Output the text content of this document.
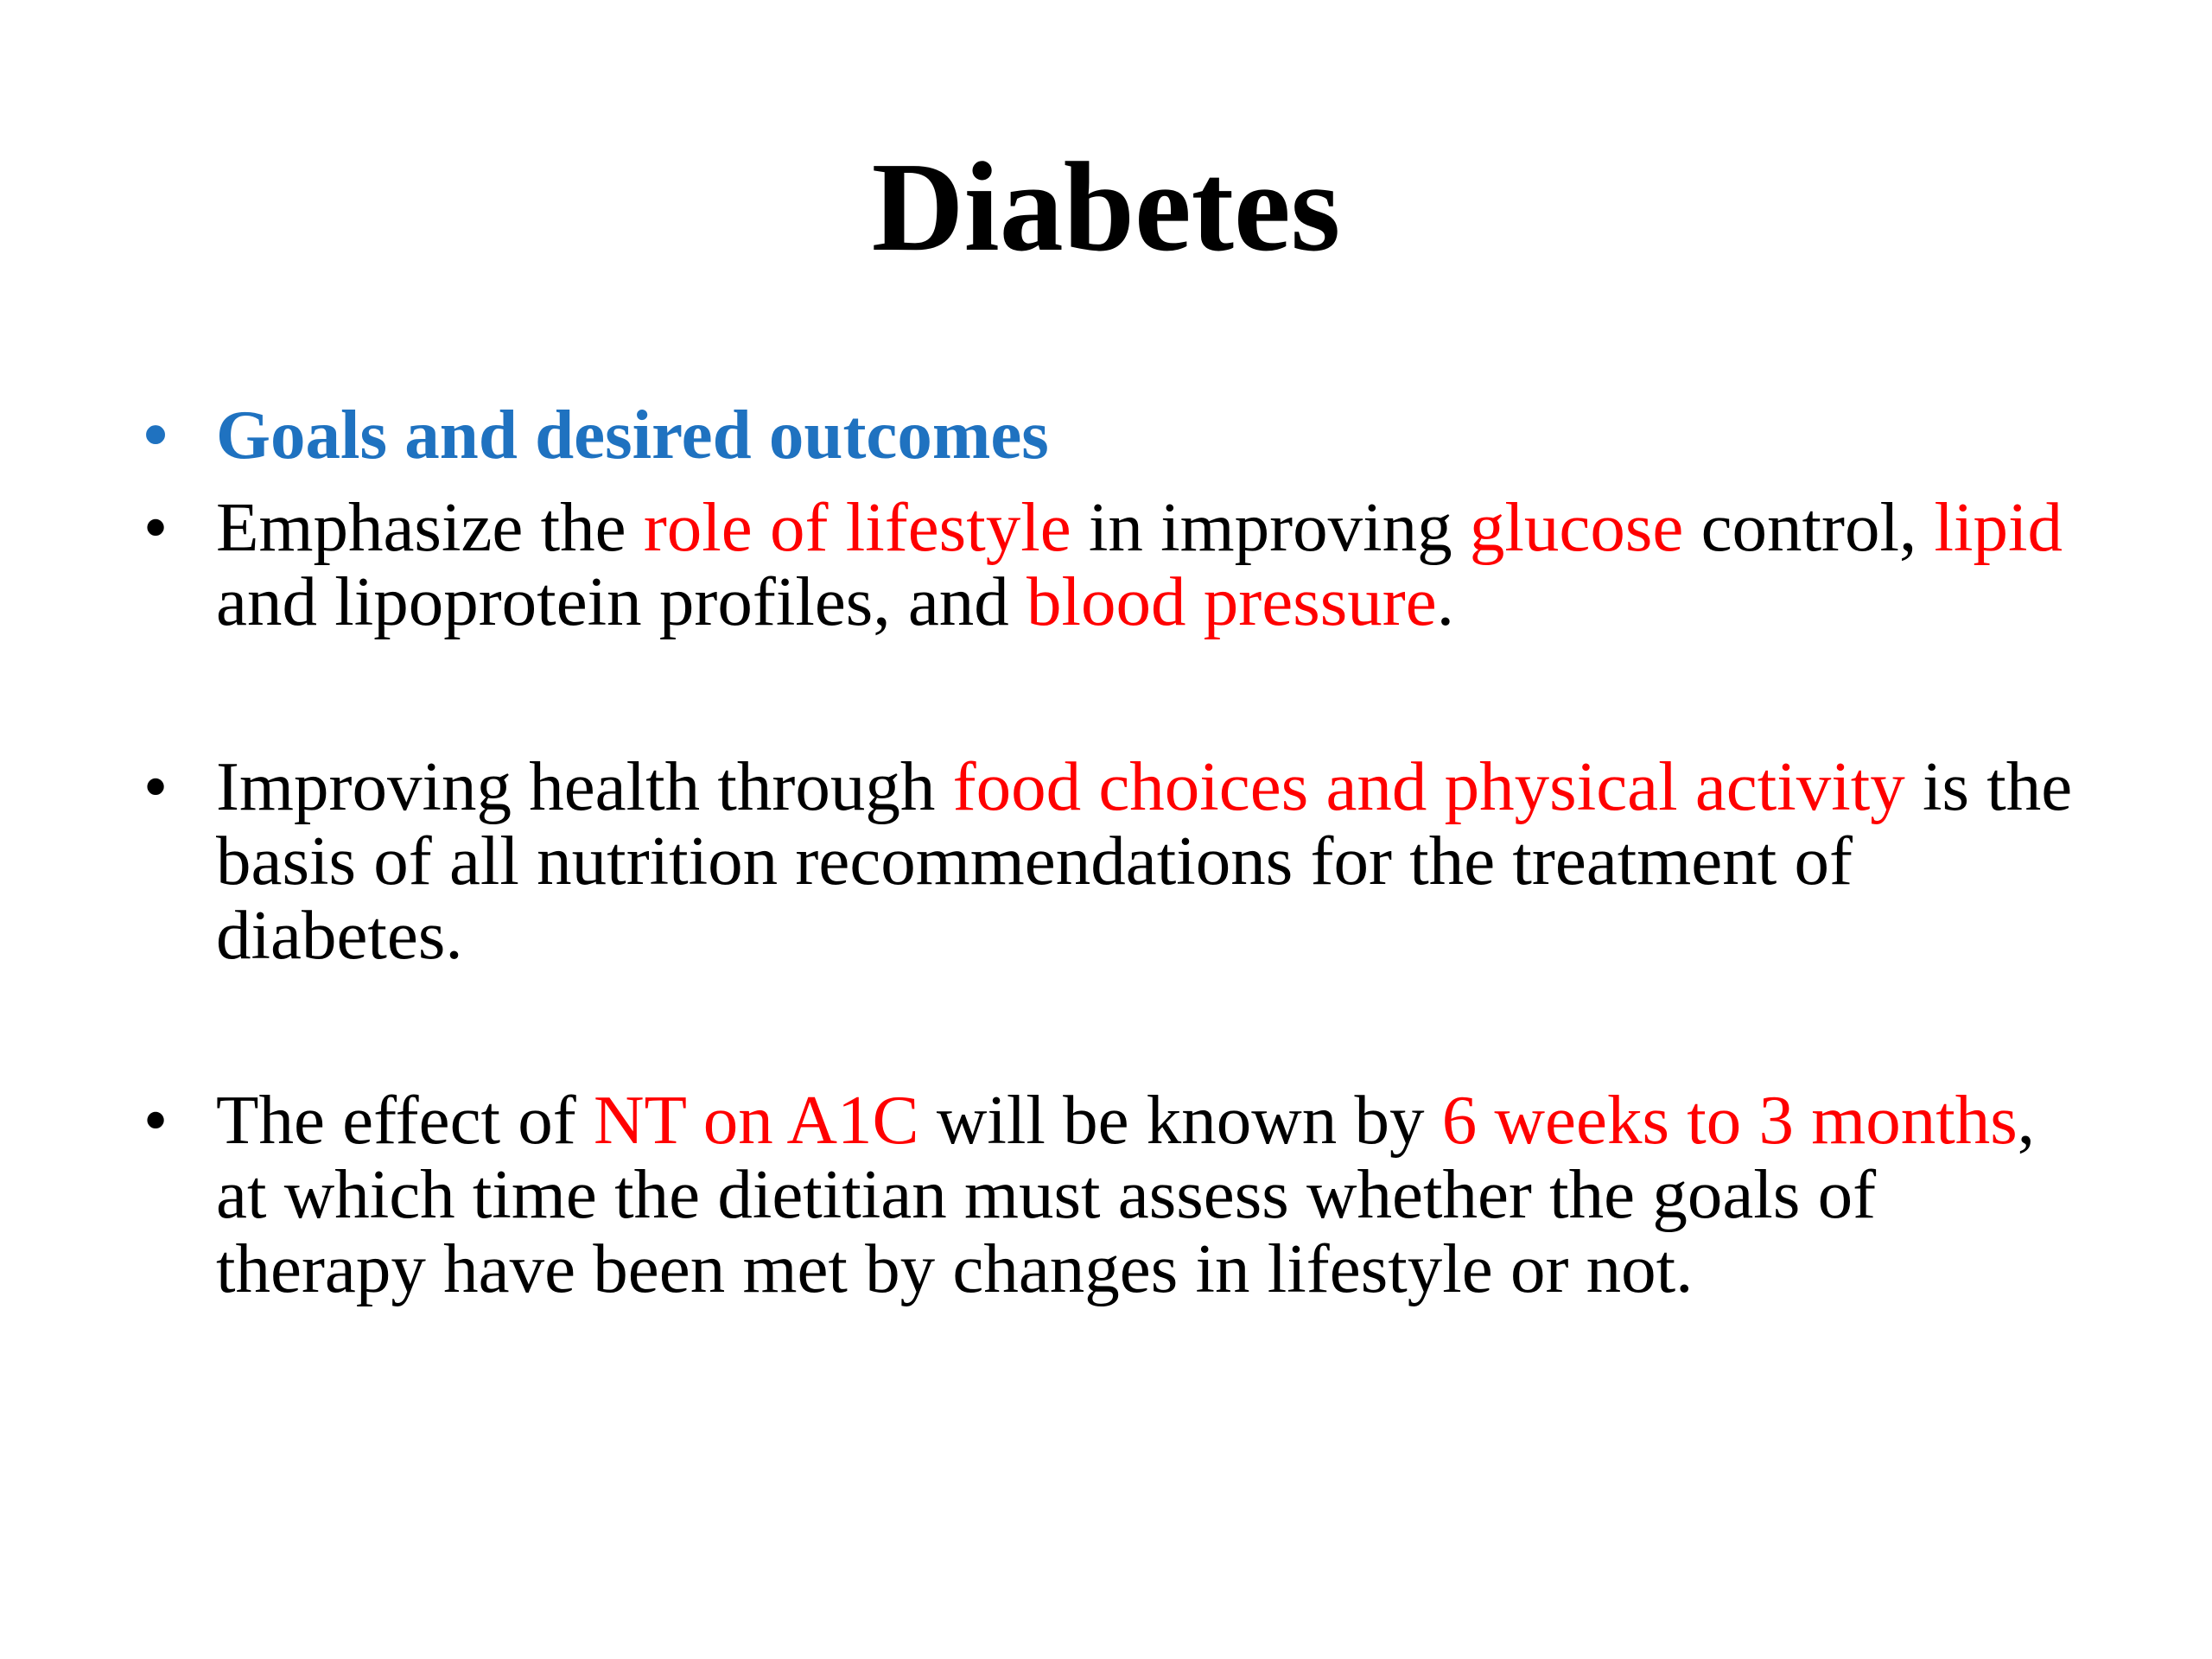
Diabetes
• Goals and desired outcomes
• Emphasize the role of lifestyle in improving glucose control, lipid and lipoprotein profiles, and blood pressure.
• Improving health through food choices and physical activity is the basis of all nutrition recommendations for the treatment of diabetes.
• The effect of NT on A1C will be known by 6 weeks to 3 months, at which time the dietitian must assess whether the goals of therapy have been met by changes in lifestyle or not.
